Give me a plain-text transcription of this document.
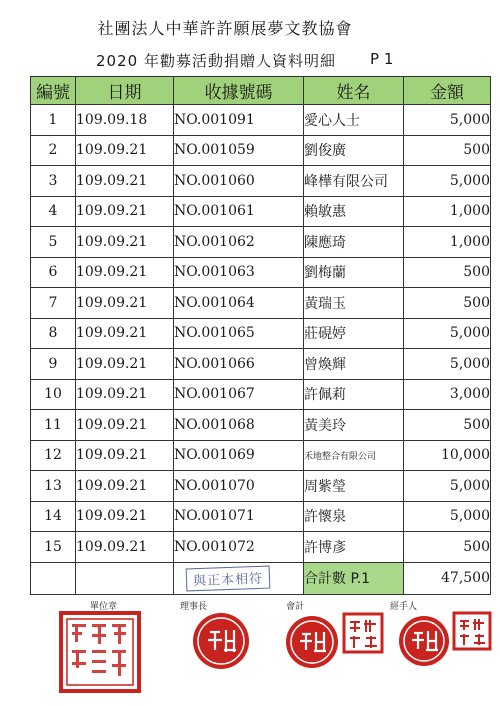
社團法人中華許許願展夢文教協會
2020 年勸募活動捐贈人資料明細 P 1
編號	日期	收據號碼	姓名	金額
1	109.09.18	NO.001091	愛心人士	5,000
2	109.09.21	NO.001059	劉俊廣	500
3	109.09.21	NO.001060	峰樺有限公司	5,000
4	109.09.21	NO.001061	賴敏惠	1,000
5	109.09.21	NO.001062	陳應琦	1,000
6	109.09.21	NO.001063	劉梅蘭	500
7	109.09.21	NO.001064	黃瑞玉	500
8	109.09.21	NO.001065	莊硯婷	5,000
9	109.09.21	NO.001066	曾煥輝	5,000
10	109.09.21	NO.001067	許佩莉	3,000
11	109.09.21	NO.001068	黃美玲	500
12	109.09.21	NO.001069	禾地整合有限公司	10,000
13	109.09.21	NO.001070	周紫瑩	5,000
14	109.09.21	NO.001071	許懷泉	5,000
15	109.09.21	NO.001072	許博彥	500
		與正本相符	合計數 P.1	47,500
單位章	理事長	會計	經手人
